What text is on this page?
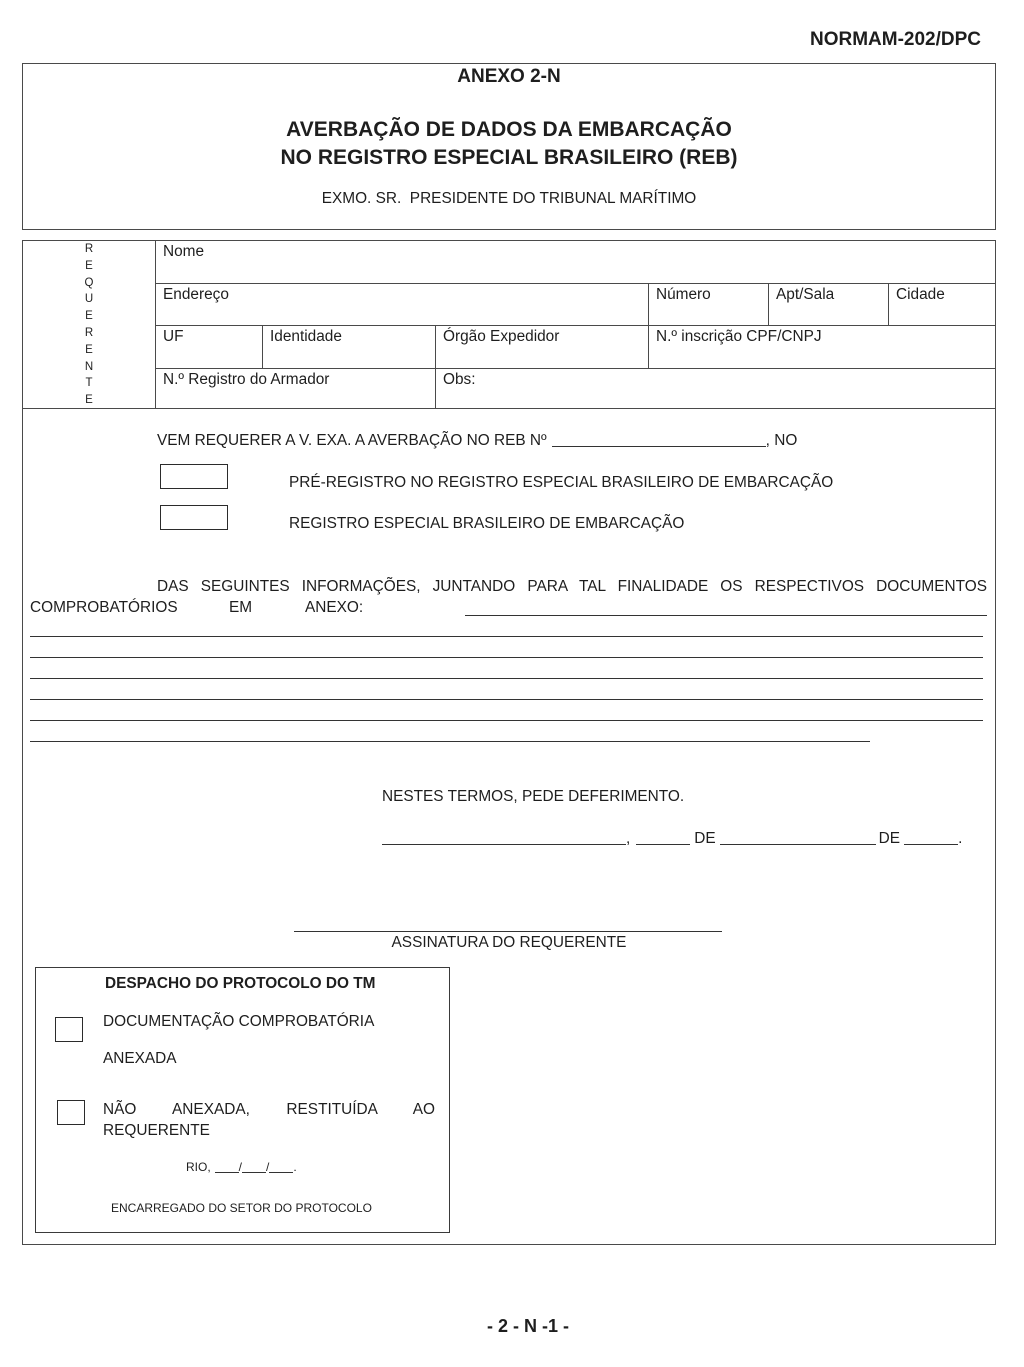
NORMAM-202/DPC
ANEXO 2-N
AVERBAÇÃO DE DADOS DA EMBARCAÇÃO
NO REGISTRO ESPECIAL BRASILEIRO (REB)
EXMO. SR.  PRESIDENTE DO TRIBUNAL MARÍTIMO
REQUERENTE
Nome
Endereço	Número	Apt/Sala	Cidade
UF	Identidade	Órgão Expedidor	N.º inscrição CPF/CNPJ
N.º Registro do Armador	Obs:
VEM REQUERER A V. EXA. A AVERBAÇÃO NO REB Nº	, NO
PRÉ-REGISTRO NO REGISTRO ESPECIAL BRASILEIRO DE EMBARCAÇÃO
REGISTRO ESPECIAL BRASILEIRO DE EMBARCAÇÃO
DAS SEGUINTES INFORMAÇÕES, JUNTANDO PARA TAL FINALIDADE OS RESPECTIVOS DOCUMENTOS
COMPROBATÓRIOS	EM	ANEXO:
NESTES TERMOS, PEDE DEFERIMENTO.
,	DE	DE	.
ASSINATURA DO REQUERENTE
DESPACHO DO PROTOCOLO DO TM
DOCUMENTAÇÃO COMPROBATÓRIA
ANEXADA
NÃO ANEXADA, RESTITUÍDA AO
REQUERENTE
RIO, / / .
ENCARREGADO DO SETOR DO PROTOCOLO
- 2 - N -1 -
